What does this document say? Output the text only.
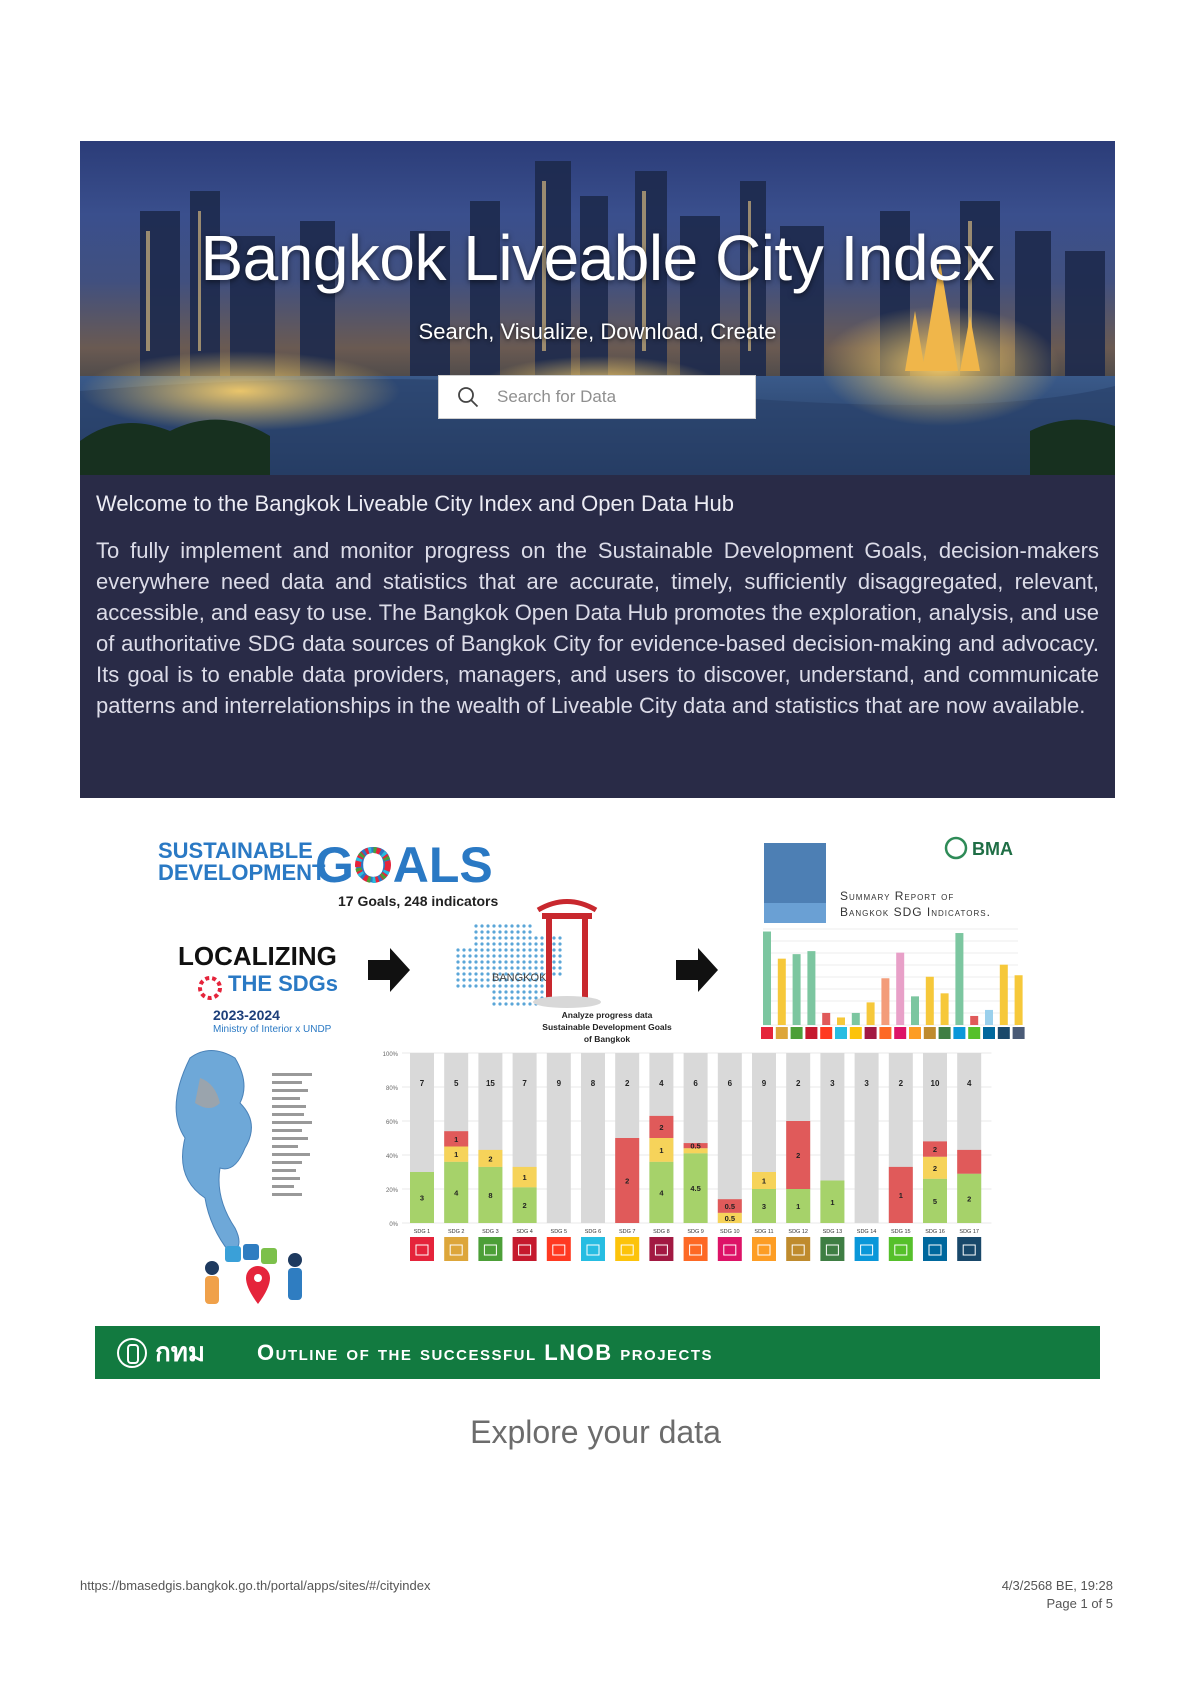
Bangkok Liveable City Index
Search, Visualize, Download, Create
Search for Data
Welcome to the Bangkok Liveable City Index and Open Data Hub

To fully implement and monitor progress on the Sustainable Development Goals, decision-makers everywhere need data and statistics that are accurate, timely, sufficiently disaggregated, relevant, accessible, and easy to use. The Bangkok Open Data Hub promotes the exploration, analysis, and use of authoritative SDG data sources of Bangkok City for evidence-based decision-making and advocacy. Its goal is to enable data providers, managers, and users to discover, understand, and communicate patterns and interrelationships in the wealth of Liveable City data and statistics that are now available.

SUSTAINABLE
DEVELOPMENT
GOALS
17 Goals, 248 indicators
LOCALIZING
THE SDGs	BANGKOK
Analyze progress data
Sustainable Development Goals
of Bangkok
BMA
Summary Report of
Bangkok SDG Indicators.
2023-2024
Ministry of Interior x UNDP
0%
20%
40%
60%
80%
100%
3
7
SDG 1
4
1
1
5
SDG 2
8
2
15
SDG 3
2
1
7
SDG 4
9
SDG 5
8
SDG 6
2
2
SDG 7
4
1
2
4
SDG 8
4.5
0.5
6
SDG 9
0.5
0.5
6
SDG 10
3
1
9
SDG 11
1
2
2
SDG 12
1
3
SDG 13
3
SDG 14
1
2
SDG 15
5
2
2
10
SDG 16
2
4
SDG 17
กทม Outline of the successful LNOB projects
Explore your data
https://bmasedgis.bangkok.go.th/portal/apps/sites/#/cityindex	4/3/2568 BE, 19:28
Page 1 of 5
